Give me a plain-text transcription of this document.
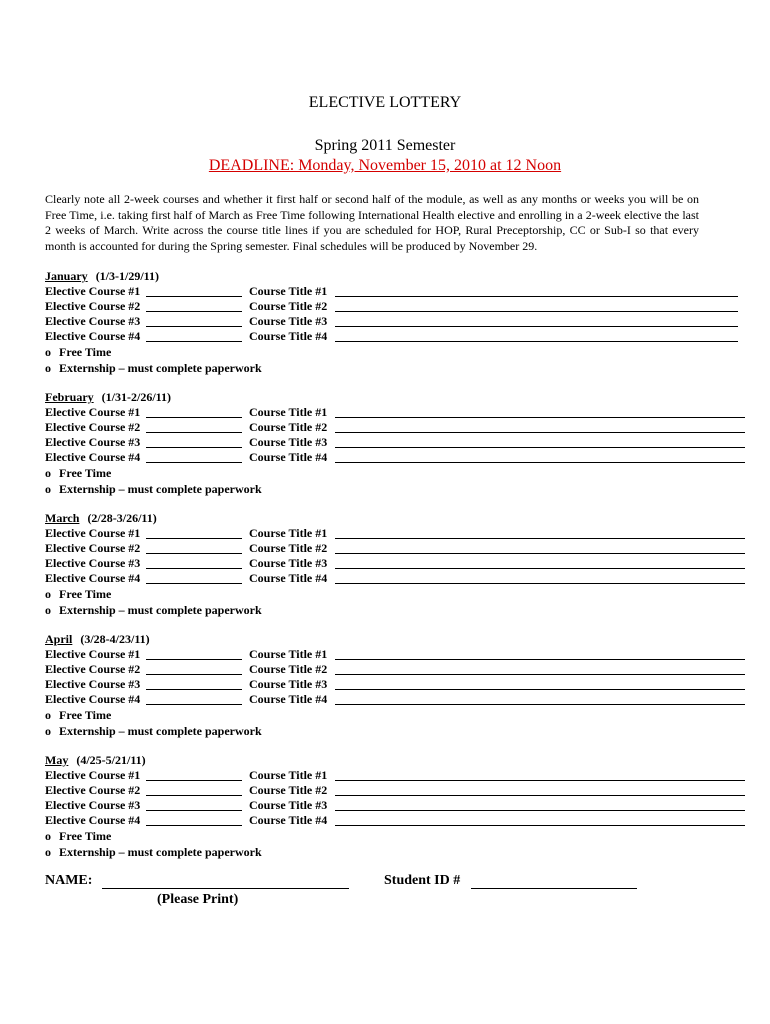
ELECTIVE LOTTERY
Spring 2011 Semester
DEADLINE: Monday, November 15, 2010 at 12 Noon
Clearly note all 2-week courses and whether it first half or second half of the module, as well as any months or weeks you will be on Free Time, i.e. taking first half of March as Free Time following International Health elective and enrolling in a 2-week elective the last 2 weeks of March. Write across the course title lines if you are scheduled for HOP, Rural Preceptorship, CC or Sub-I so that every month is accounted for during the Spring semester. Final schedules will be produced by November 29.
January (1/3-1/29/11)
Elective Course #1	Course Title #1
Elective Course #2	Course Title #2
Elective Course #3	Course Title #3
Elective Course #4	Course Title #4
o Free Time
o Externship – must complete paperwork
February (1/31-2/26/11)
Elective Course #1	Course Title #1
Elective Course #2	Course Title #2
Elective Course #3	Course Title #3
Elective Course #4	Course Title #4
o Free Time
o Externship – must complete paperwork
March (2/28-3/26/11)
Elective Course #1	Course Title #1
Elective Course #2	Course Title #2
Elective Course #3	Course Title #3
Elective Course #4	Course Title #4
o Free Time
o Externship – must complete paperwork
April (3/28-4/23/11)
Elective Course #1	Course Title #1
Elective Course #2	Course Title #2
Elective Course #3	Course Title #3
Elective Course #4	Course Title #4
o Free Time
o Externship – must complete paperwork
May (4/25-5/21/11)
Elective Course #1	Course Title #1
Elective Course #2	Course Title #2
Elective Course #3	Course Title #3
Elective Course #4	Course Title #4
o Free Time
o Externship – must complete paperwork
NAME:	Student ID #
(Please Print)
